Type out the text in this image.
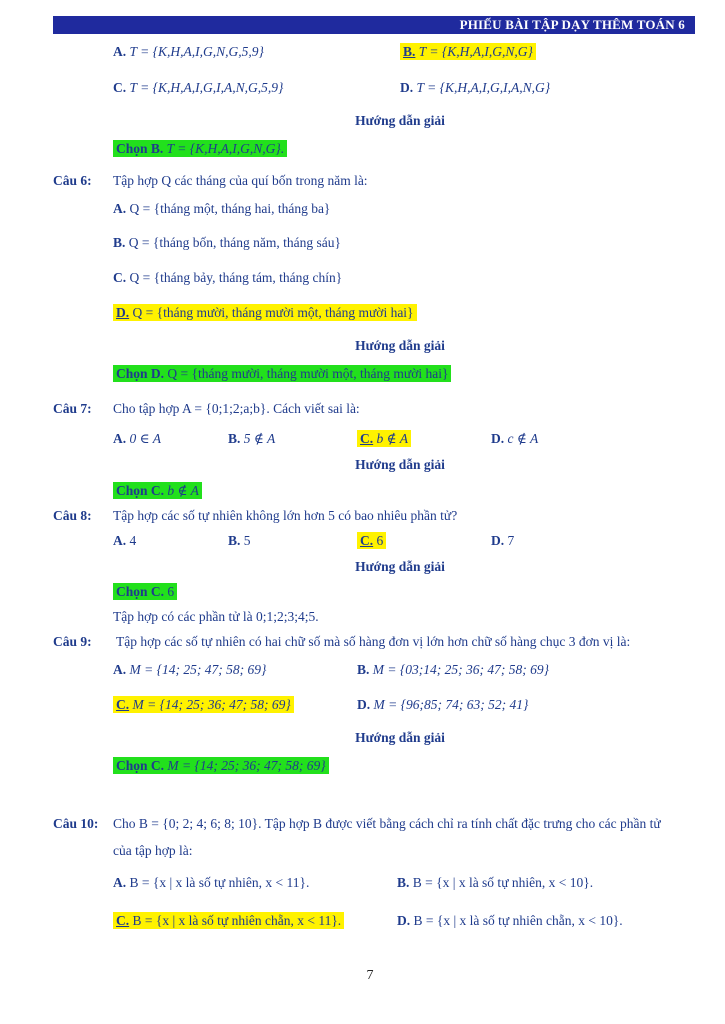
PHIẾU BÀI TẬP DẠY THÊM TOÁN 6
A. T = {K,H,A,I,G,N,G,5,9}	B. T = {K,H,A,I,G,N,G}
C. T = {K,H,A,I,G,I,A,N,G,5,9}	D. T = {K,H,A,I,G,I,A,N,G}
Hướng dẫn giải
Chọn B. T = {K,H,A,I,G,N,G}.
Câu 6: Tập hợp Q các tháng của quí bốn trong năm là:
A. Q = {tháng một, tháng hai, tháng ba}
B. Q = {tháng bốn, tháng năm, tháng sáu}
C. Q = {tháng bảy, tháng tám, tháng chín}
D. Q = {tháng mười, tháng mười một, tháng mười hai}
Hướng dẫn giải
Chọn D. Q = {tháng mười, tháng mười một, tháng mười hai}
Câu 7: Cho tập hợp A = {0;1;2;a;b}. Cách viết sai là:
A. 0 ∈ A	B. 5 ∉ A	C. b ∉ A	D. c ∉ A
Hướng dẫn giải
Chọn C. b ∉ A
Câu 8: Tập hợp các số tự nhiên không lớn hơn 5 có bao nhiêu phần tử?
A. 4	B. 5	C. 6	D. 7
Hướng dẫn giải
Chọn C. 6
Tập hợp có các phần tử là 0;1;2;3;4;5.
Câu 9: Tập hợp các số tự nhiên có hai chữ số mà số hàng đơn vị lớn hơn chữ số hàng chục 3 đơn vị là:
A. M = {14; 25; 47; 58; 69}	B. M = {03;14; 25; 36; 47; 58; 69}
C. M = {14; 25; 36; 47; 58; 69}	D. M = {96;85; 74; 63; 52; 41}
Hướng dẫn giải
Chọn C. M = {14; 25; 36; 47; 58; 69}
Câu 10: Cho B = {0; 2; 4; 6; 8; 10}. Tập hợp B được viết bằng cách chỉ ra tính chất đặc trưng cho các phần tử
của tập hợp là:
A. B = {x | x là số tự nhiên, x < 11}.	B. B = {x | x là số tự nhiên, x < 10}.
C. B = {x | x là số tự nhiên chẵn, x < 11}.	D. B = {x | x là số tự nhiên chẵn, x < 10}.
7
